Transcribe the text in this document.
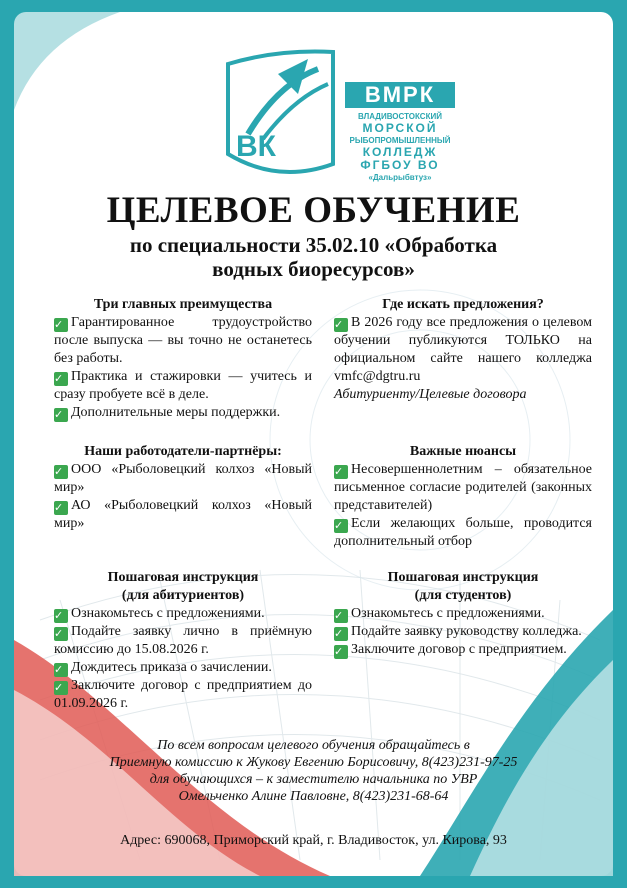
ВК
ВМРК
ВЛАДИВОСТОКСКИЙ
МОРСКОЙ
РЫБОПРОМЫШЛЕННЫЙ
КОЛЛЕДЖ
ФГБОУ ВО
«Дальрыбвтуз»
ЦЕЛЕВОЕ ОБУЧЕНИЕ
по специальности 35.02.10 «Обработка
водных биоресурсов»
Три главных преимущества
✓ Гарантированное трудоустройство после выпуска — вы точно не останетесь без работы.
✓ Практика и стажировки — учитесь и сразу пробуете всё в деле.
✓ Дополнительные меры поддержки.
Где искать предложения?
✓ В 2026 году все предложения о целевом обучении публикуются ТОЛЬКО на официальном сайте нашего колледжа vmfc@dgtru.ru
Абитуриенту/Целевые договора
Наши работодатели-партнёры:
✓ ООО «Рыболовецкий колхоз «Новый мир»
✓ АО «Рыболовецкий колхоз «Новый мир»
Важные нюансы
✓ Несовершеннолетним – обязательное письменное согласие родителей (законных представителей)
✓ Если желающих больше, проводится дополнительный отбор
Пошаговая инструкция
(для абитуриентов)
✓ Ознакомьтесь с предложениями.
✓ Подайте заявку лично в приёмную комиссию до 15.08.2026 г.
✓ Дождитесь приказа о зачислении.
✓ Заключите договор с предприятием до 01.09.2026 г.
Пошаговая инструкция
(для студентов)
✓ Ознакомьтесь с предложениями.
✓ Подайте заявку руководству колледжа.
✓ Заключите договор с предприятием.
По всем вопросам целевого обучения обращайтесь в
Приемную комиссию к Жукову Евгению Борисовичу, 8(423)231-97-25
для обучающихся – к заместителю начальника по УВР
Омельченко Алине Павловне, 8(423)231-68-64
Адрес: 690068, Приморский край, г. Владивосток, ул. Кирова, 93
